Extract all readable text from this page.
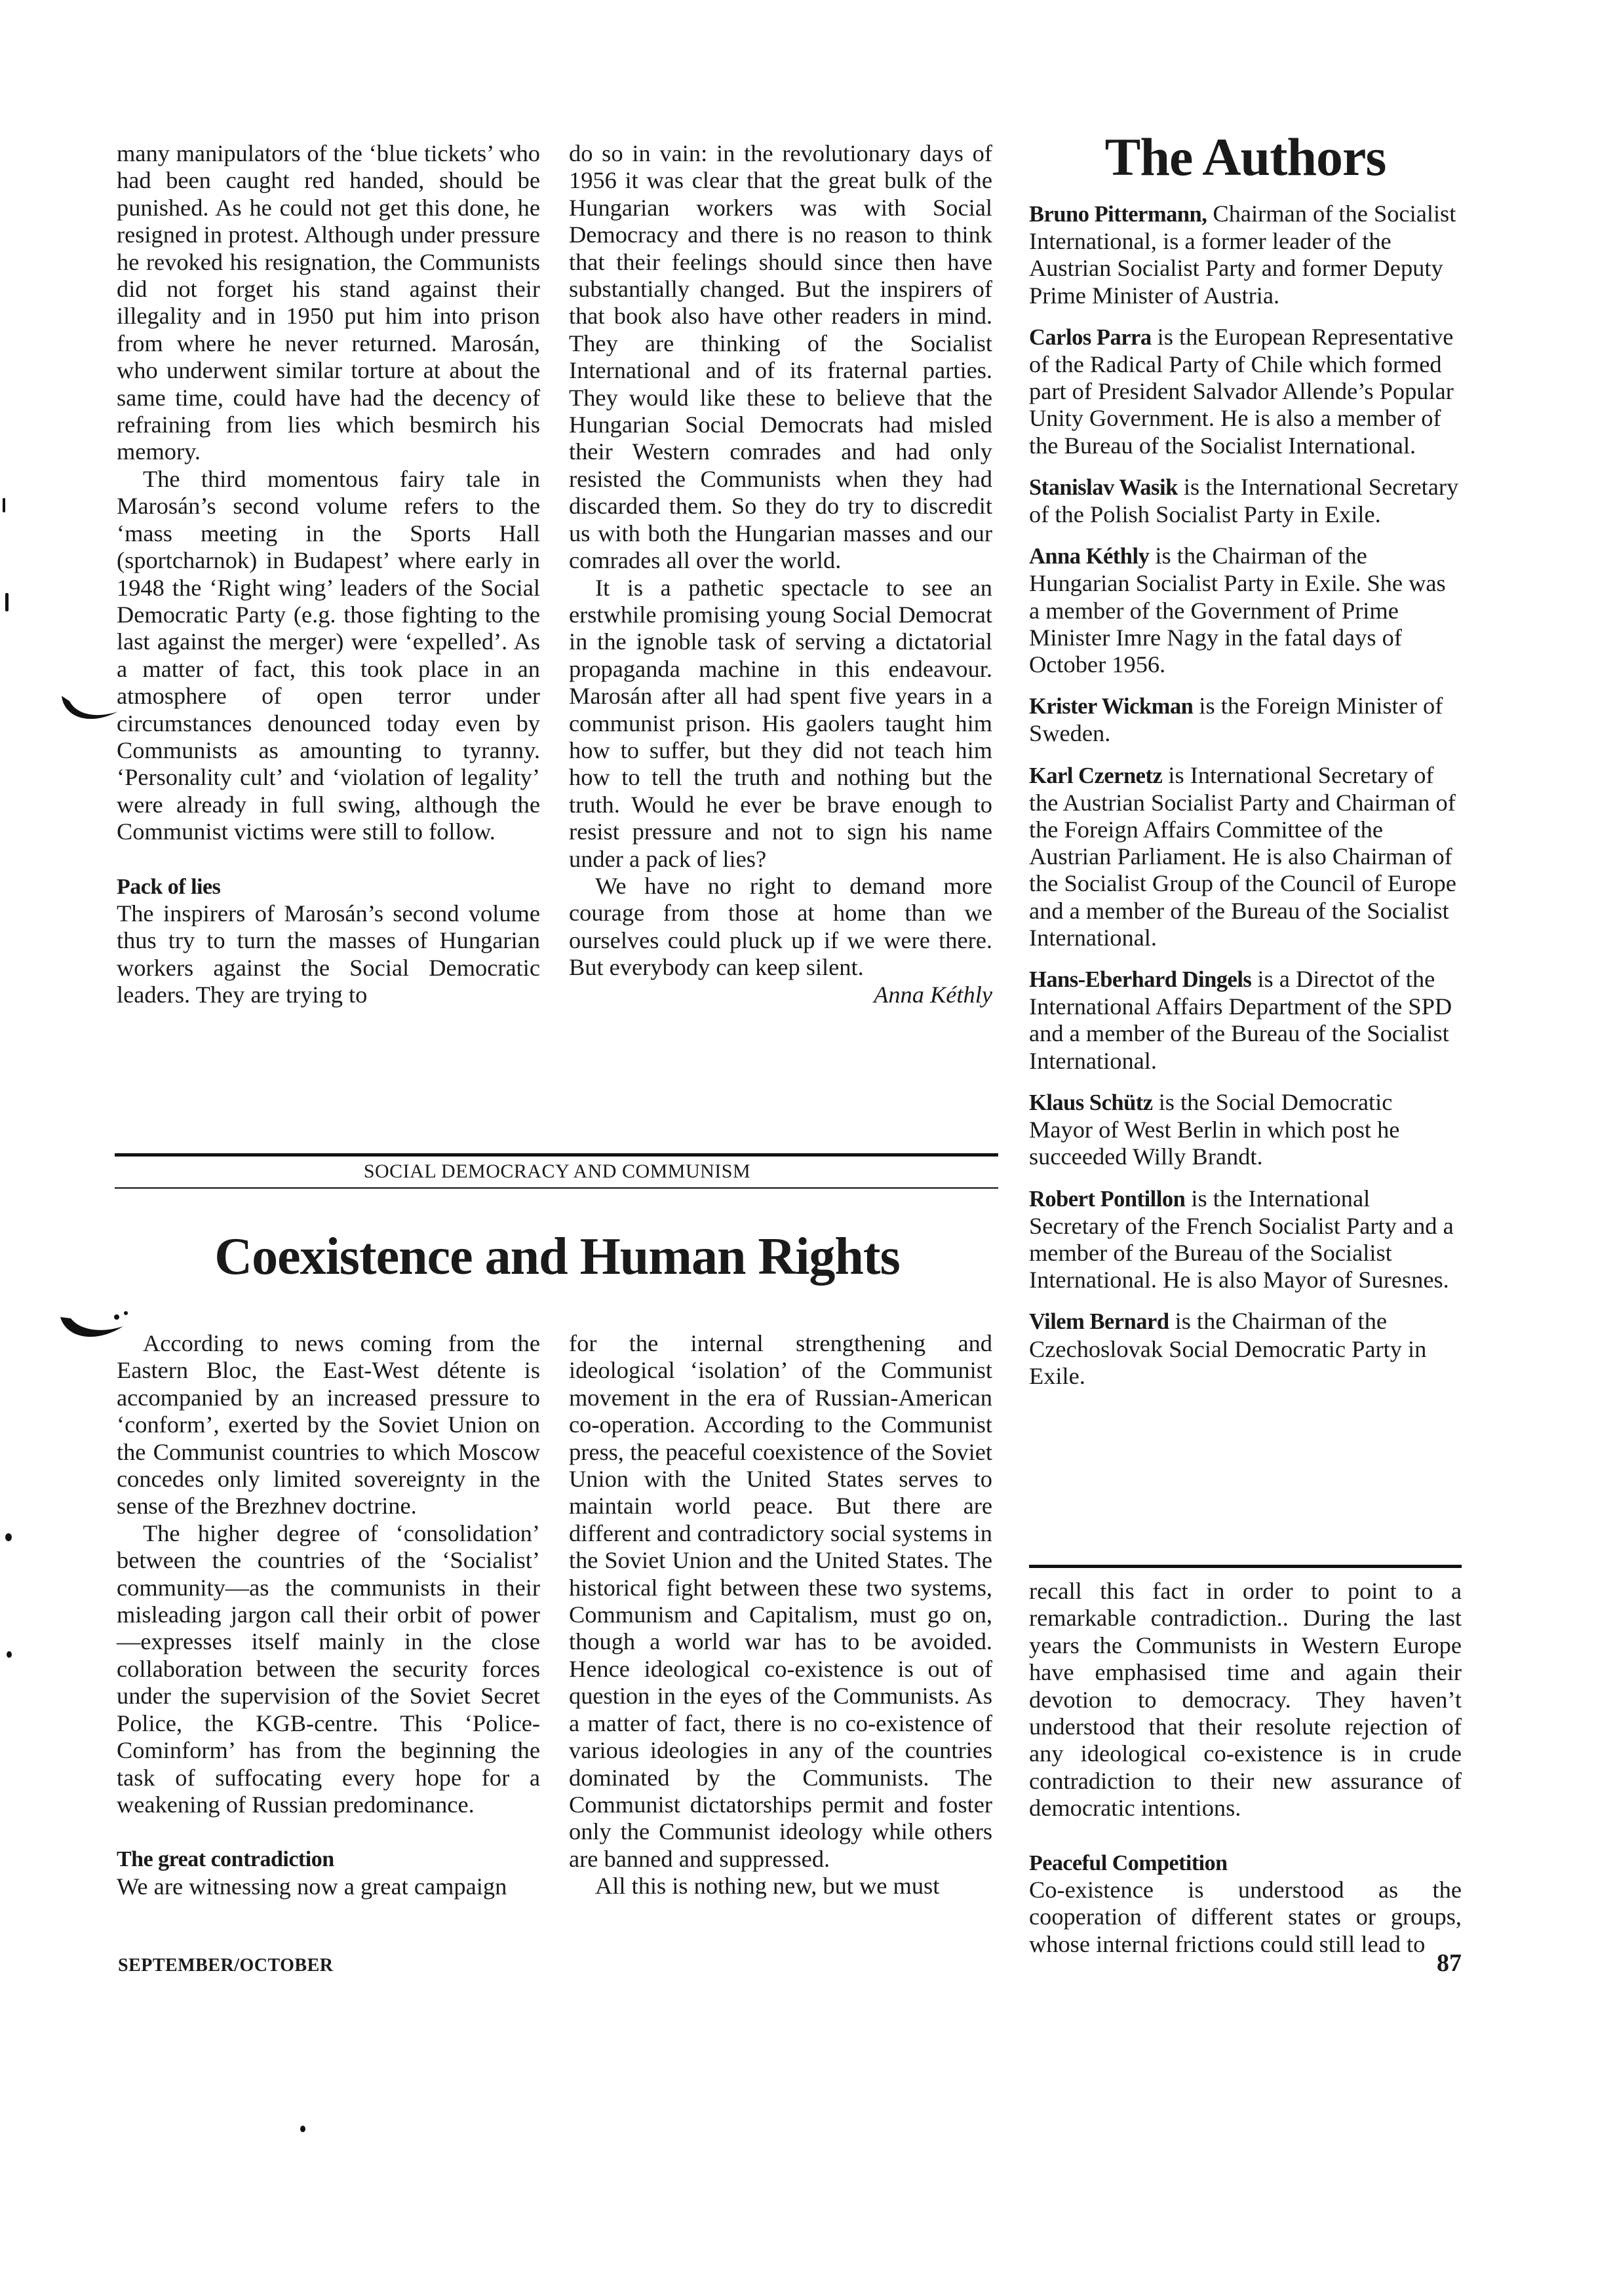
many manipulators of the ‘blue tickets’ who had been caught red handed, should be punished. As he could not get this done, he resigned in protest. Although under pressure he revoked his resignation, the Communists did not forget his stand against their illegality and in 1950 put him into prison from where he never returned. Marosán, who underwent similar torture at about the same time, could have had the decency of refraining from lies which besmirch his memory.

The third momentous fairy tale in Marosán’s second volume refers to the ‘mass meeting in the Sports Hall (sportcharnok) in Budapest’ where early in 1948 the ‘Right wing’ leaders of the Social Democratic Party (e.g. those fighting to the last against the merger) were ‘expelled’. As a matter of fact, this took place in an atmosphere of open terror under circumstances denounced today even by Communists as amounting to tyranny. ‘Personality cult’ and ‘violation of legality’ were already in full swing, although the Communist victims were still to follow.

Pack of lies

The inspirers of Marosán’s second volume thus try to turn the masses of Hungarian workers against the Social Democratic leaders. They are trying to

do so in vain: in the revolutionary days of 1956 it was clear that the great bulk of the Hungarian workers was with Social Democracy and there is no reason to think that their feelings should since then have substantially changed. But the inspirers of that book also have other readers in mind. They are thinking of the Socialist International and of its fraternal parties. They would like these to believe that the Hungarian Social Democrats had misled their Western comrades and had only resisted the Communists when they had discarded them. So they do try to discredit us with both the Hungarian masses and our comrades all over the world.

It is a pathetic spectacle to see an erstwhile promising young Social Democrat in the ignoble task of serving a dictatorial propaganda machine in this endeavour. Marosán after all had spent five years in a communist prison. His gaolers taught him how to suffer, but they did not teach him how to tell the truth and nothing but the truth. Would he ever be brave enough to resist pressure and not to sign his name under a pack of lies?

We have no right to demand more courage from those at home than we ourselves could pluck up if we were there. But everybody can keep silent.

Anna Kéthly

The Authors

Bruno Pittermann, Chairman of the Socialist International, is a former leader of the Austrian Socialist Party and former Deputy Prime Minister of Austria.

Carlos Parra is the European Representative of the Radical Party of Chile which formed part of President Salvador Allende’s Popular Unity Government. He is also a member of the Bureau of the Socialist International.

Stanislav Wasik is the International Secretary of the Polish Socialist Party in Exile.

Anna Kéthly is the Chairman of the Hungarian Socialist Party in Exile. She was a member of the Government of Prime Minister Imre Nagy in the fatal days of October 1956.

Krister Wickman is the Foreign Minister of Sweden.

Karl Czernetz is International Secretary of the Austrian Socialist Party and Chairman of the Foreign Affairs Committee of the Austrian Parliament. He is also Chairman of the Socialist Group of the Council of Europe and a member of the Bureau of the Socialist International.

Hans-Eberhard Dingels is a Directot of the International Affairs Department of the SPD and a member of the Bureau of the Socialist International.

Klaus Schütz is the Social Democratic Mayor of West Berlin in which post he succeeded Willy Brandt.

Robert Pontillon is the International Secretary of the French Socialist Party and a member of the Bureau of the Socialist International. He is also Mayor of Suresnes.

Vilem Bernard is the Chairman of the Czechoslovak Social Democratic Party in Exile.

SOCIAL DEMOCRACY AND COMMUNISM
Coexistence and Human Rights

According to news coming from the Eastern Bloc, the East-West détente is accompanied by an increased pressure to ‘conform’, exerted by the Soviet Union on the Communist countries to which Moscow concedes only limited sovereignty in the sense of the Brezhnev doctrine.

The higher degree of ‘consolidation’ between the countries of the ‘Socialist’ community—as the communists in their misleading jargon call their orbit of power—expresses itself mainly in the close collaboration between the security forces under the supervision of the Soviet Secret Police, the KGB-centre. This ‘Police-Cominform’ has from the beginning the task of suffocating every hope for a weakening of Russian predominance.

The great contradiction

We are witnessing now a great campaign

for the internal strengthening and ideological ‘isolation’ of the Communist movement in the era of Russian-American co-operation. According to the Communist press, the peaceful coexistence of the Soviet Union with the United States serves to maintain world peace. But there are different and contradictory social systems in the Soviet Union and the United States. The historical fight between these two systems, Communism and Capitalism, must go on, though a world war has to be avoided. Hence ideological co-existence is out of question in the eyes of the Communists. As a matter of fact, there is no co-existence of various ideologies in any of the countries dominated by the Communists. The Communist dictatorships permit and foster only the Communist ideology while others are banned and suppressed.

All this is nothing new, but we must

recall this fact in order to point to a remarkable contradiction.. During the last years the Communists in Western Europe have emphasised time and again their devotion to democracy. They haven’t understood that their resolute rejection of any ideological co-existence is in crude contradiction to their new assurance of democratic intentions.

Peaceful Competition

Co-existence is understood as the cooperation of different states or groups, whose internal frictions could still lead to

SEPTEMBER/OCTOBER	87
